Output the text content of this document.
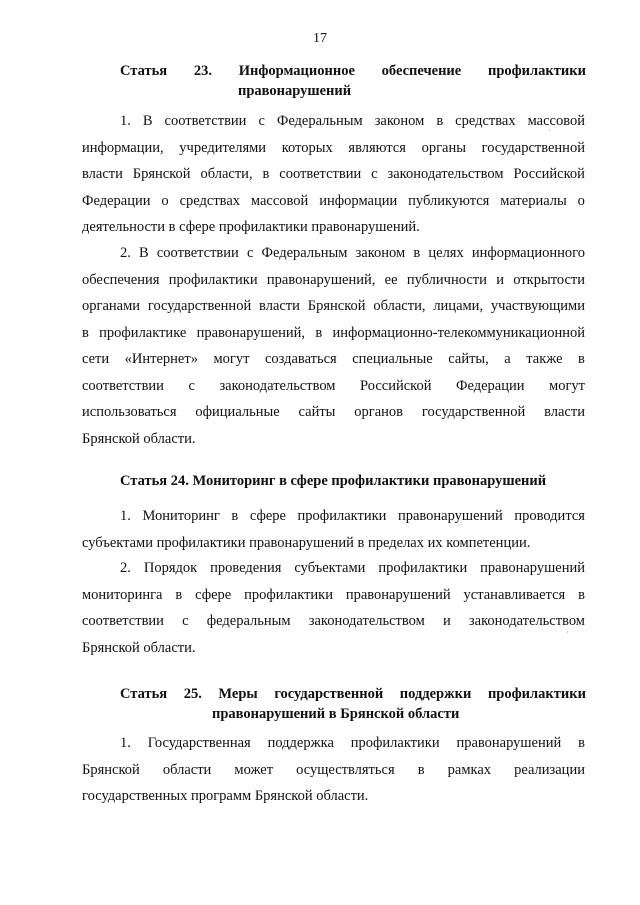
17
Статья 23. Информационное обеспечение профилактики
правонарушений
1. В соответствии с Федеральным законом в средствах массовой
информации, учредителями которых являются органы государственной
власти Брянской области, в соответствии с законодательством Российской
Федерации о средствах массовой информации публикуются материалы о
деятельности в сфере профилактики правонарушений.
2. В соответствии с Федеральным законом в целях информационного
обеспечения профилактики правонарушений, ее публичности и открытости
органами государственной власти Брянской области, лицами, участвующими
в профилактике правонарушений, в информационно-телекоммуникационной
сети «Интернет» могут создаваться специальные сайты, а также в
соответствии с законодательством Российской Федерации могут
использоваться официальные сайты органов государственной власти
Брянской области.
Статья 24. Мониторинг в сфере профилактики правонарушений
1. Мониторинг в сфере профилактики правонарушений проводится
субъектами профилактики правонарушений в пределах их компетенции.
2. Порядок проведения субъектами профилактики правонарушений
мониторинга в сфере профилактики правонарушений устанавливается в
соответствии с федеральным законодательством и законодательством
Брянской области.
Статья 25. Меры государственной поддержки профилактики
правонарушений в Брянской области
1. Государственная поддержка профилактики правонарушений в
Брянской области может осуществляться в рамках реализации
государственных программ Брянской области.
˙
˙
